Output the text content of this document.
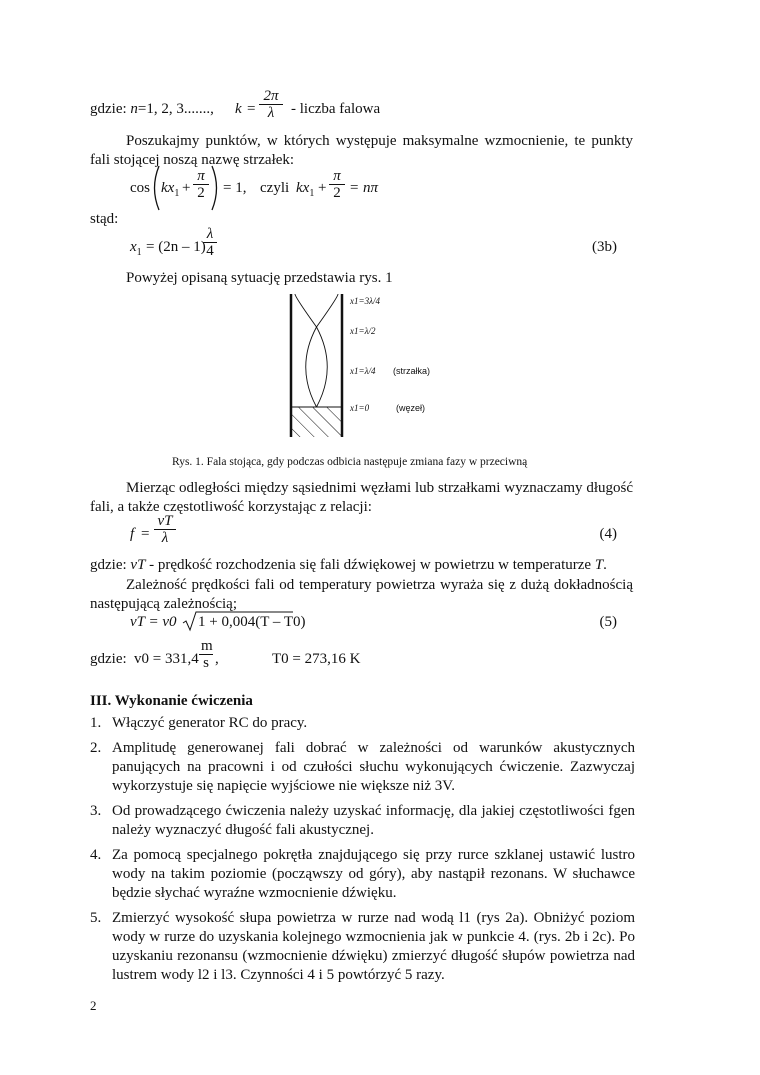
gdzie: n=1, 2, 3......., $k = \frac{2\pi}{\lambda}$ - liczba falowa
Poszukajmy punktów, w których występuje maksymalne wzmocnienie, te punkty fali stojącej noszą nazwę strzałek:
$\cos kx_1 + \frac{\pi}{2} = 1$, czyli $kx_1 + \frac{\pi}{2} = n\pi$
stąd:
$x_1 = (2n - 1)$
$\frac{\lambda}{4}$	(3b)
Powyżej opisaną sytuację przedstawia rys. 1
x1=3λ/4
x1=λ/2
x1=λ/4 (strzałka)
x1=0	(węzeł)
Rys. 1. Fala stojąca, gdy podczas odbicia następuje zmiana fazy w przeciwną
Mierząc odległości między sąsiednimi węzłami lub strzałkami wyznaczamy długość fali, a także częstotliwość korzystając z relacji:
$f = \frac{vT}{\lambda}$	(4)
gdzie: vT - prędkość rozchodzenia się fali dźwiękowej w powietrzu w temperaturze T.
Zależność prędkości fali od temperatury powietrza wyraża się z dużą dokładnością następującą zależnością;
vT = v0 1 + 0,004(T – T0)	(5)
gdzie: $v0 = 331,4 \frac{m}{s}$ ,	T0 = 273,16 K
III. Wykonanie ćwiczenia
1. Włączyć generator RC do pracy.
2. Amplitudę generowanej fali dobrać w zależności od warunków akustycznych panujących na pracowni i od czułości słuchu wykonujących ćwiczenie. Zazwyczaj wykorzystuje się napięcie wyjściowe nie większe niż 3V.
3. Od prowadzącego ćwiczenia należy uzyskać informację, dla jakiej częstotliwości fgen należy wyznaczyć długość fali akustycznej.
4. Za pomocą specjalnego pokrętła znajdującego się przy rurce szklanej ustawić lustro wody na takim poziomie (począwszy od góry), aby nastąpił rezonans. W słuchawce będzie słychać wyraźne wzmocnienie dźwięku.
5. Zmierzyć wysokość słupa powietrza w rurze nad wodą l1 (rys 2a). Obniżyć poziom wody w rurze do uzyskania kolejnego wzmocnienia jak w punkcie 4. (rys. 2b i 2c). Po uzyskaniu rezonansu (wzmocnienie dźwięku) zmierzyć długość słupów powietrza nad lustrem wody l2 i l3. Czynności 4 i 5 powtórzyć 5 razy.
2
